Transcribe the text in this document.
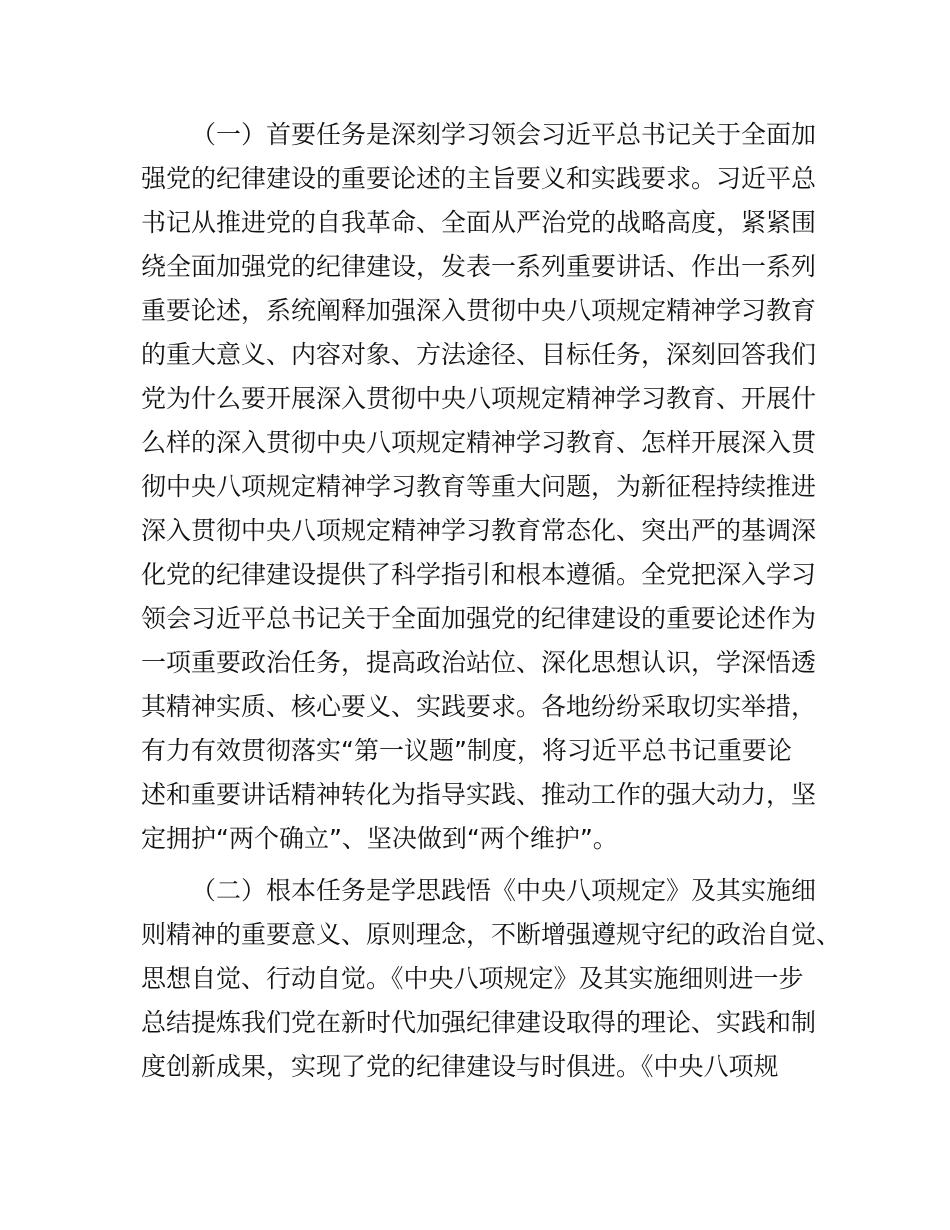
（一）首要任务是深刻学习领会习近平总书记关于全面加
强党的纪律建设的重要论述的主旨要义和实践要求。习近平总
书记从推进党的自我革命、全面从严治党的战略高度，紧紧围
绕全面加强党的纪律建设，发表一系列重要讲话、作出一系列
重要论述，系统阐释加强深入贯彻中央八项规定精神学习教育
的重大意义、内容对象、方法途径、目标任务，深刻回答我们
党为什么要开展深入贯彻中央八项规定精神学习教育、开展什
么样的深入贯彻中央八项规定精神学习教育、怎样开展深入贯
彻中央八项规定精神学习教育等重大问题，为新征程持续推进
深入贯彻中央八项规定精神学习教育常态化、突出严的基调深
化党的纪律建设提供了科学指引和根本遵循。全党把深入学习
领会习近平总书记关于全面加强党的纪律建设的重要论述作为
一项重要政治任务，提高政治站位、深化思想认识，学深悟透
其精神实质、核心要义、实践要求。各地纷纷采取切实举措，
有力有效贯彻落实“第一议题”制度，将习近平总书记重要论
述和重要讲话精神转化为指导实践、推动工作的强大动力，坚
定拥护“两个确立”、坚决做到“两个维护”。
（二）根本任务是学思践悟《中央八项规定》及其实施细
则精神的重要意义、原则理念，不断增强遵规守纪的政治自觉、
思想自觉、行动自觉。《中央八项规定》及其实施细则进一步
总结提炼我们党在新时代加强纪律建设取得的理论、实践和制
度创新成果，实现了党的纪律建设与时俱进。《中央八项规
